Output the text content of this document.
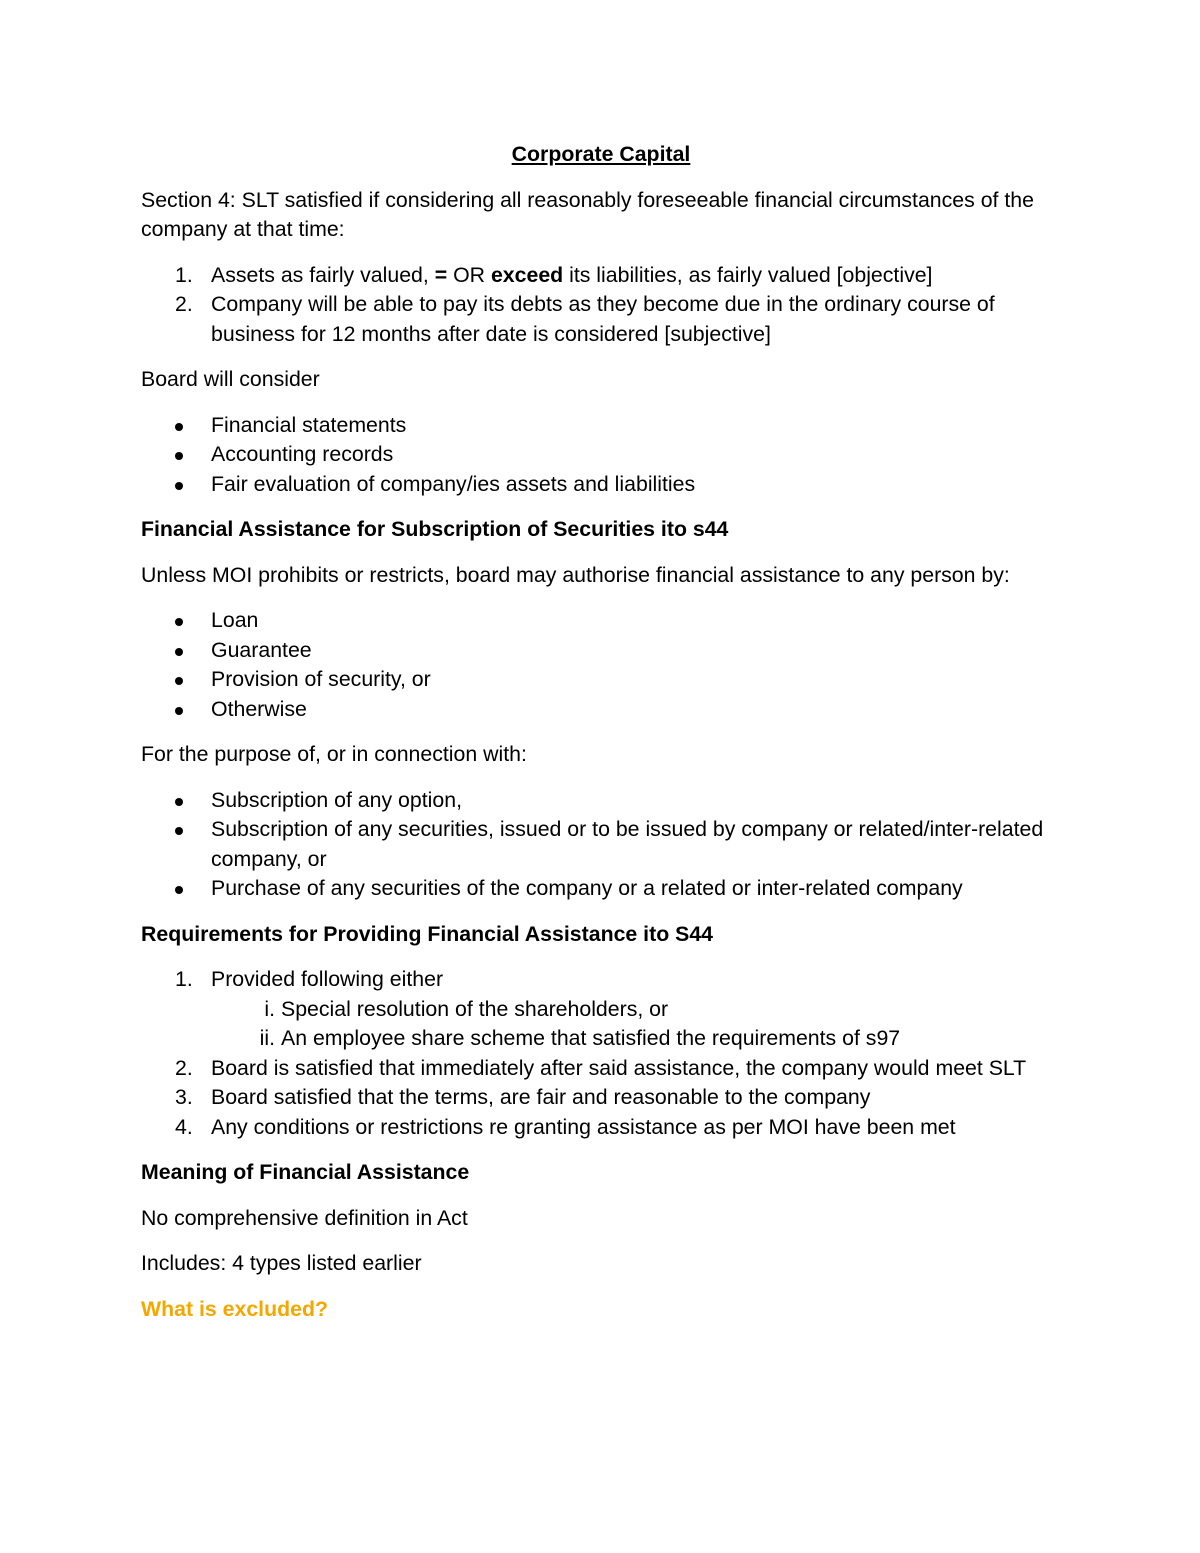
Corporate Capital

Section 4: SLT satisfied if considering all reasonably foreseeable financial circumstances of the company at that time:

1. Assets as fairly valued, = OR exceed its liabilities, as fairly valued [objective]
2. Company will be able to pay its debts as they become due in the ordinary course of business for 12 months after date is considered [subjective]

Board will consider

Financial statements
Accounting records
Fair evaluation of company/ies assets and liabilities
Financial Assistance for Subscription of Securities ito s44

Unless MOI prohibits or restricts, board may authorise financial assistance to any person by:

Loan
Guarantee
Provision of security, or
Otherwise

For the purpose of, or in connection with:

Subscription of any option,
Subscription of any securities, issued or to be issued by company or related/inter-related company, or
Purchase of any securities of the company or a related or inter-related company
Requirements for Providing Financial Assistance ito S44
1. Provided following either
i. Special resolution of the shareholders, or
ii. An employee share scheme that satisfied the requirements of s97
2. Board is satisfied that immediately after said assistance, the company would meet SLT
3. Board satisfied that the terms, are fair and reasonable to the company
4. Any conditions or restrictions re granting assistance as per MOI have been met
Meaning of Financial Assistance

No comprehensive definition in Act

Includes: 4 types listed earlier

What is excluded?
